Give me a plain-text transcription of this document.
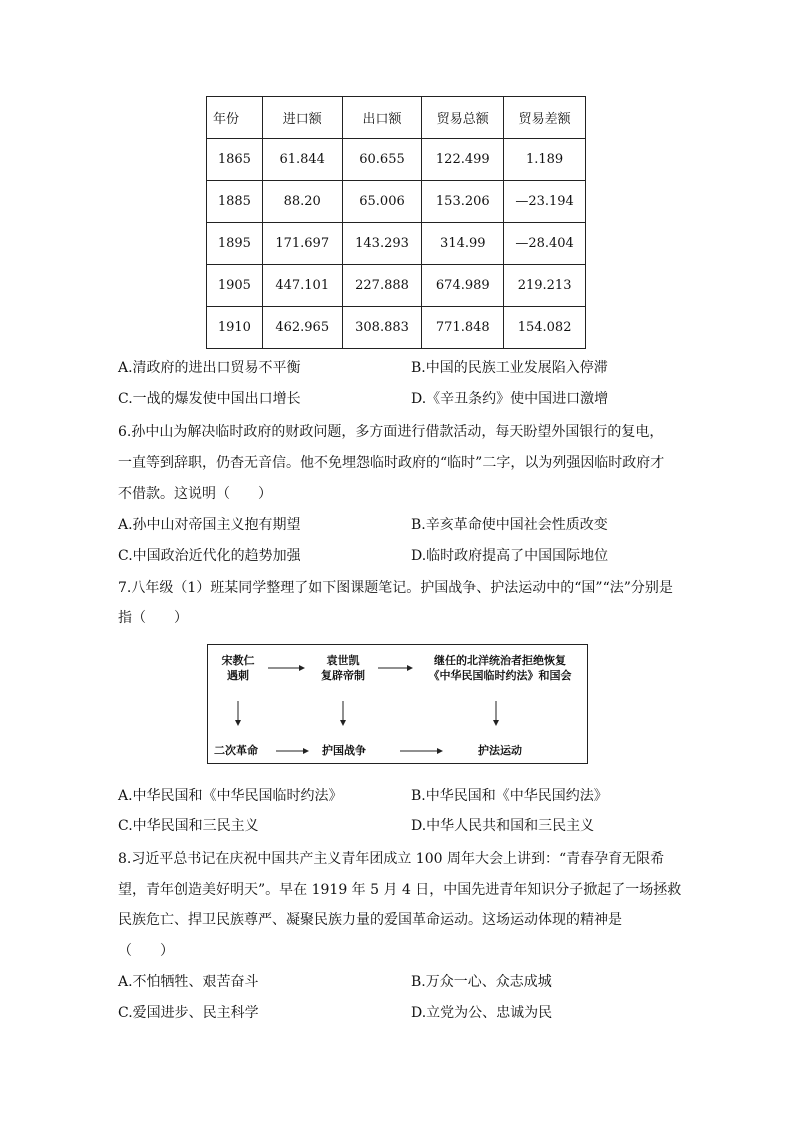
年份	进口额	出口额	贸易总额	贸易差额
1865	61.844	60.655	122.499	1.189
1885	88.20	65.006	153.206	—23.194
1895	171.697	143.293	314.99	—28.404
1905	447.101	227.888	674.989	219.213
1910	462.965	308.883	771.848	154.082
A.清政府的进出口贸易不平衡	B.中国的民族工业发展陷入停滞
C.一战的爆发使中国出口增长	D.《辛丑条约》使中国进口激增
6.孙中山为解决临时政府的财政问题，多方面进行借款活动，每天盼望外国银行的复电，
一直等到辞职，仍杳无音信。他不免埋怨临时政府的“临时”二字，以为列强因临时政府才
不借款。这说明（　　）
A.孙中山对帝国主义抱有期望	B.辛亥革命使中国社会性质改变
C.中国政治近代化的趋势加强	D.临时政府提高了中国国际地位
7.八年级（1）班某同学整理了如下图课题笔记。护国战争、护法运动中的“国”“法”分别是
指（　　）
宋教仁
遇刺
袁世凯
复辟帝制
继任的北洋统治者拒绝恢复
《中华民国临时约法》和国会
二次革命	护国战争	护法运动
A.中华民国和《中华民国临时约法》	B.中华民国和《中华民国约法》
C.中华民国和三民主义	D.中华人民共和国和三民主义
8.习近平总书记在庆祝中国共产主义青年团成立 100 周年大会上讲到：“青春孕育无限希
望，青年创造美好明天”。早在 1919 年 5 月 4 日，中国先进青年知识分子掀起了一场拯救
民族危亡、捍卫民族尊严、凝聚民族力量的爱国革命运动。这场运动体现的精神是
（　　）
A.不怕牺牲、艰苦奋斗	B.万众一心、众志成城
C.爱国进步、民主科学	D.立党为公、忠诚为民
